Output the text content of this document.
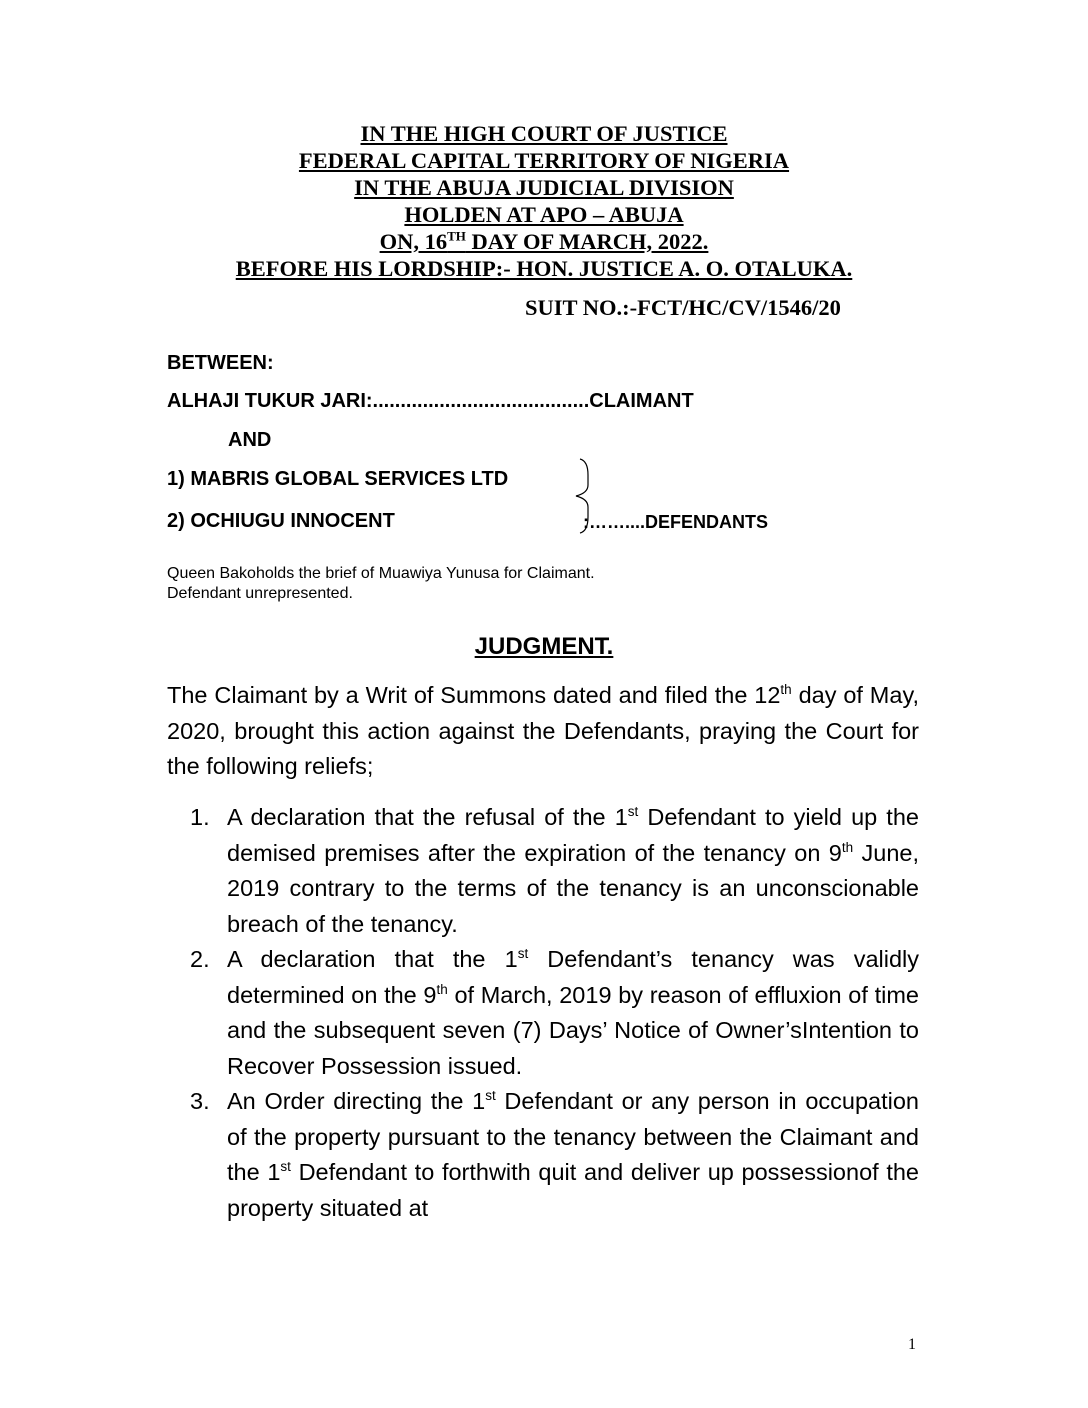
IN THE HIGH COURT OF JUSTICE
FEDERAL CAPITAL TERRITORY OF NIGERIA
IN THE ABUJA JUDICIAL DIVISION
HOLDEN AT APO – ABUJA
ON, 16TH DAY OF MARCH, 2022.
BEFORE HIS LORDSHIP:- HON. JUSTICE A. O. OTALUKA.
SUIT NO.:-FCT/HC/CV/1546/20
BETWEEN:
ALHAJI TUKUR JARI:.......................................CLAIMANT
AND
1) MABRIS GLOBAL SERVICES LTD
2) OCHIUGU INNOCENT	:……....DEFENDANTS
Queen Bakoholds the brief of Muawiya Yunusa for Claimant.
Defendant unrepresented.
JUDGMENT.
The Claimant by a Writ of Summons dated and filed the 12th day of May, 2020, brought this action against the Defendants, praying the Court for the following reliefs;
1. A declaration that the refusal of the 1st Defendant to yield up the demised premises after the expiration of the tenancy on 9th June, 2019 contrary to the terms of the tenancy is an unconscionable breach of the tenancy.
2. A declaration that the 1st Defendant’s tenancy was validly determined on the 9th of March, 2019 by reason of effluxion of time and the subsequent seven (7) Days’ Notice of Owner’sIntention to Recover Possession issued.
3. An Order directing the 1st Defendant or any person in occupation of the property pursuant to the tenancy between the Claimant and the 1st Defendant to forthwith quit and deliver up possessionof the property situated at
1
